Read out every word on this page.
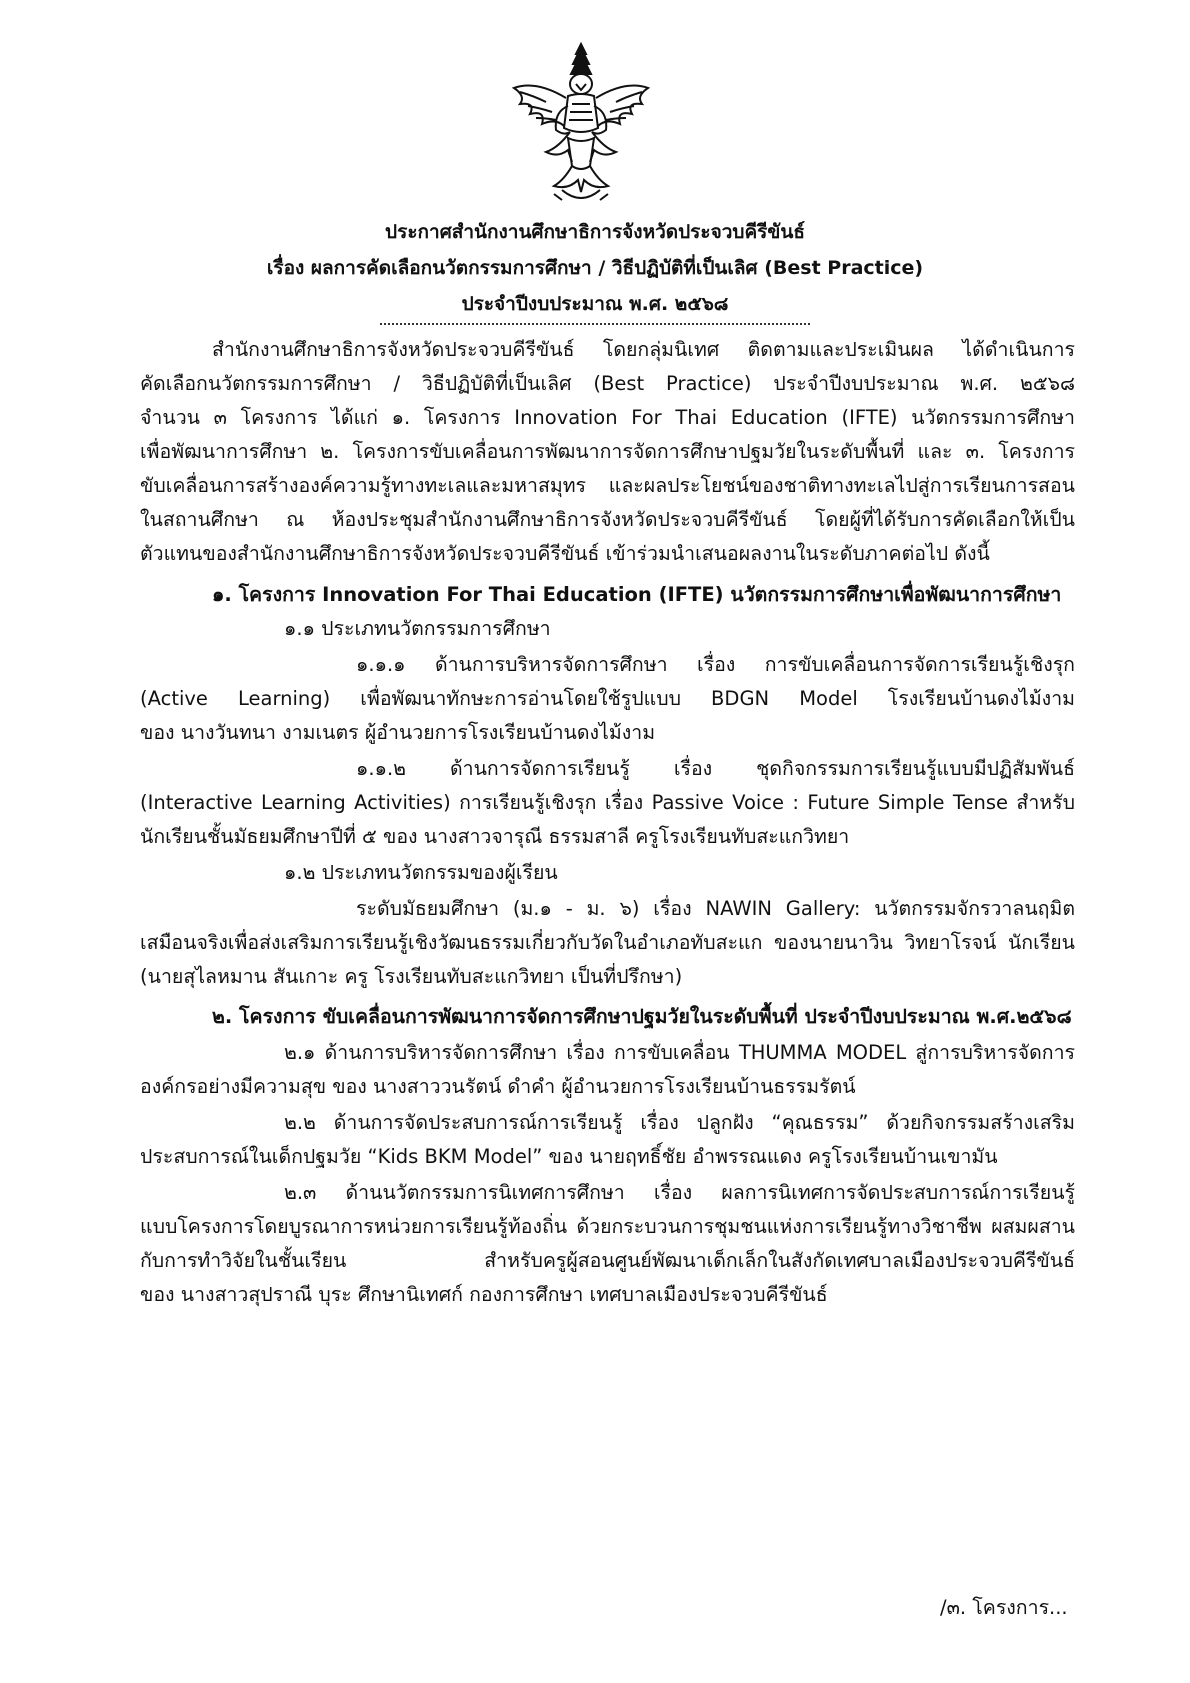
ประกาศสำนักงานศึกษาธิการจังหวัดประจวบคีรีขันธ์
เรื่อง ผลการคัดเลือกนวัตกรรมการศึกษา / วิธีปฏิบัติที่เป็นเลิศ (Best Practice)
ประจำปีงบประมาณ พ.ศ. ๒๕๖๘
สำนักงานศึกษาธิการจังหวัดประจวบคีรีขันธ์ โดยกลุ่มนิเทศ ติดตามและประเมินผล ได้ดำเนินการ
คัดเลือกนวัตกรรมการศึกษา / วิธีปฏิบัติที่เป็นเลิศ (Best Practice) ประจำปีงบประมาณ พ.ศ. ๒๕๖๘
จำนวน ๓ โครงการ ได้แก่ ๑. โครงการ Innovation For Thai Education (IFTE) นวัตกรรมการศึกษา
เพื่อพัฒนาการศึกษา ๒. โครงการขับเคลื่อนการพัฒนาการจัดการศึกษาปฐมวัยในระดับพื้นที่ และ ๓. โครงการ
ขับเคลื่อนการสร้างองค์ความรู้ทางทะเลและมหาสมุทร และผลประโยชน์ของชาติทางทะเลไปสู่การเรียนการสอน
ในสถานศึกษา ณ ห้องประชุมสำนักงานศึกษาธิการจังหวัดประจวบคีรีขันธ์ โดยผู้ที่ได้รับการคัดเลือกให้เป็น
ตัวแทนของสำนักงานศึกษาธิการจังหวัดประจวบคีรีขันธ์ เข้าร่วมนำเสนอผลงานในระดับภาคต่อไป ดังนี้
๑. โครงการ Innovation For Thai Education (IFTE) นวัตกรรมการศึกษาเพื่อพัฒนาการศึกษา
๑.๑ ประเภทนวัตกรรมการศึกษา
๑.๑.๑ ด้านการบริหารจัดการศึกษา เรื่อง การขับเคลื่อนการจัดการเรียนรู้เชิงรุก
(Active Learning) เพื่อพัฒนาทักษะการอ่านโดยใช้รูปแบบ BDGN Model โรงเรียนบ้านดงไม้งาม
ของ นางวันทนา งามเนตร ผู้อำนวยการโรงเรียนบ้านดงไม้งาม
๑.๑.๒ ด้านการจัดการเรียนรู้ เรื่อง ชุดกิจกรรมการเรียนรู้แบบมีปฏิสัมพันธ์
(Interactive Learning Activities) การเรียนรู้เชิงรุก เรื่อง Passive Voice : Future Simple Tense สำหรับ
นักเรียนชั้นมัธยมศึกษาปีที่ ๕ ของ นางสาวจารุณี ธรรมสาลี ครูโรงเรียนทับสะแกวิทยา
๑.๒ ประเภทนวัตกรรมของผู้เรียน
ระดับมัธยมศึกษา (ม.๑ - ม. ๖) เรื่อง NAWIN Gallery: นวัตกรรมจักรวาลนฤมิต
เสมือนจริงเพื่อส่งเสริมการเรียนรู้เชิงวัฒนธรรมเกี่ยวกับวัดในอำเภอทับสะแก ของนายนาวิน วิทยาโรจน์ นักเรียน
(นายสุไลหมาน สันเกาะ ครู โรงเรียนทับสะแกวิทยา เป็นที่ปรึกษา)
๒. โครงการ ขับเคลื่อนการพัฒนาการจัดการศึกษาปฐมวัยในระดับพื้นที่ ประจำปีงบประมาณ พ.ศ.๒๕๖๘
๒.๑ ด้านการบริหารจัดการศึกษา เรื่อง การขับเคลื่อน THUMMA MODEL สู่การบริหารจัดการ
องค์กรอย่างมีความสุข ของ นางสาววนรัตน์ ดำคำ ผู้อำนวยการโรงเรียนบ้านธรรมรัตน์
๒.๒ ด้านการจัดประสบการณ์การเรียนรู้ เรื่อง ปลูกฝัง “คุณธรรม” ด้วยกิจกรรมสร้างเสริม
ประสบการณ์ในเด็กปฐมวัย “Kids BKM Model” ของ นายฤทธิ์ชัย อำพรรณแดง ครูโรงเรียนบ้านเขามัน
๒.๓ ด้านนวัตกรรมการนิเทศการศึกษา เรื่อง ผลการนิเทศการจัดประสบการณ์การเรียนรู้
แบบโครงการโดยบูรณาการหน่วยการเรียนรู้ท้องถิ่น ด้วยกระบวนการชุมชนแห่งการเรียนรู้ทางวิชาชีพ ผสมผสาน
กับการทำวิจัยในชั้นเรียน สำหรับครูผู้สอนศูนย์พัฒนาเด็กเล็กในสังกัดเทศบาลเมืองประจวบคีรีขันธ์
ของ นางสาวสุปราณี บุระ ศึกษานิเทศก์ กองการศึกษา เทศบาลเมืองประจวบคีรีขันธ์
/๓. โครงการ...
